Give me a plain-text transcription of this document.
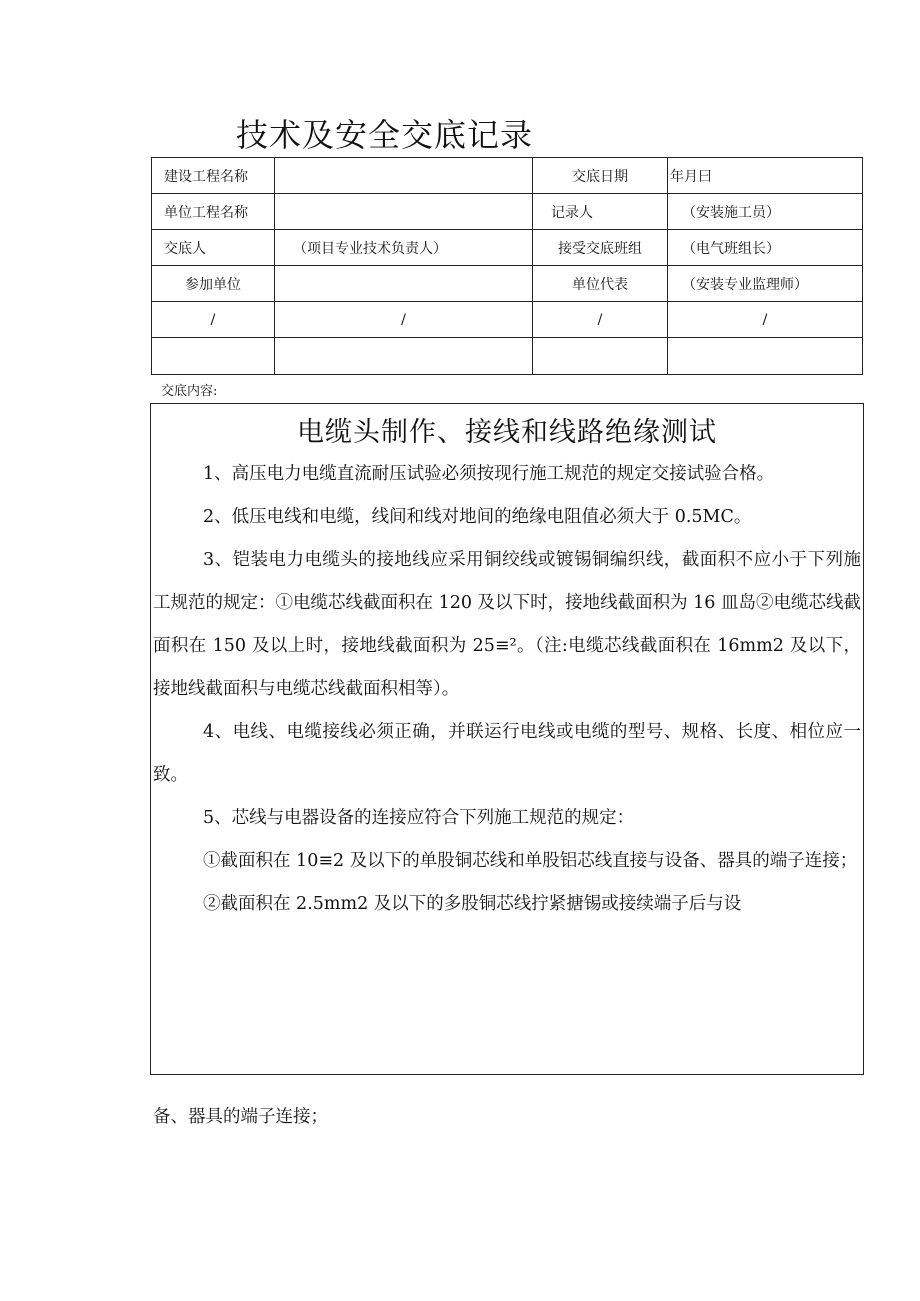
技术及安全交底记录
建设工程名称		交底日期	年月曰
单位工程名称		记录人	（安装施工员）
交底人	（项目专业技术负责人）	接受交底班组	（电气班组长）
参加单位		单位代表	（安装专业监理师）
/	/	/	/

交底内容:
电缆头制作、接线和线路绝缘测试

1、高压电力电缆直流耐压试验必须按现行施工规范的规定交接试验合格。

2、低压电线和电缆，线间和线对地间的绝缘电阻值必须大于 0.5MC。

3、铠装电力电缆头的接地线应采用铜绞线或镀锡铜编织线，截面积不应小于下列施工规范的规定：①电缆芯线截面积在 120 及以下时，接地线截面积为 16 皿岛②电缆芯线截面积在 150 及以上时，接地线截面积为 25≡²。（注:电缆芯线截面积在 16mm2 及以下，接地线截面积与电缆芯线截面积相等）。

4、电线、电缆接线必须正确，并联运行电线或电缆的型号、规格、长度、相位应一致。

5、芯线与电器设备的连接应符合下列施工规范的规定：

①截面积在 10≡2 及以下的单股铜芯线和单股铝芯线直接与设备、器具的端子连接；

②截面积在 2.5mm2 及以下的多股铜芯线拧紧搪锡或接续端子后与设

备、器具的端子连接；
